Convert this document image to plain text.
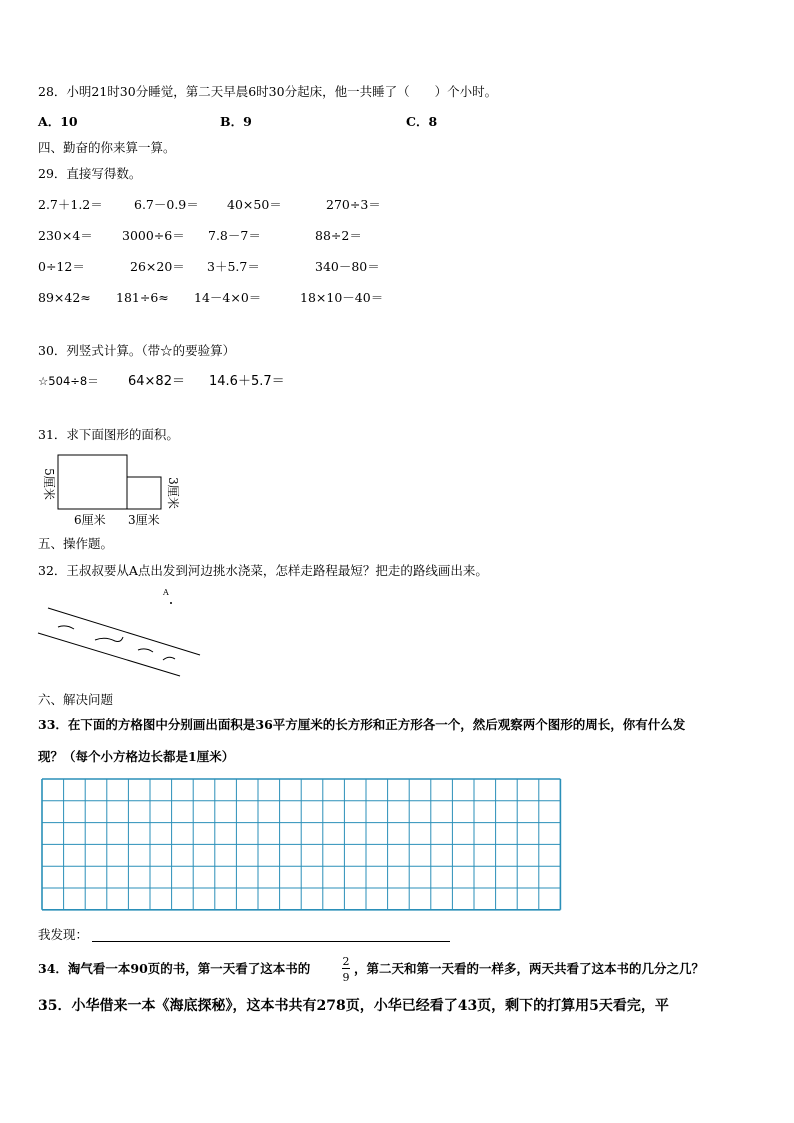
28．小明21时30分睡觉，第二天早晨6时30分起床，他一共睡了（　　）个小时。
A．10	B．9	C．8
四、勤奋的你来算一算。
29．直接写得数。
2.7＋1.2＝ 6.7－0.9＝ 40×50＝	270÷3＝
230×4＝ 3000÷6＝ 7.8－7＝	88÷2＝
0÷12＝	26×20＝ 3＋5.7＝	340－80＝
89×42≈ 181÷6≈ 14－4×0＝	18×10－40＝
30．列竖式计算。（带☆的要验算）
☆504÷8＝ 64×82＝ 14.6＋5.7＝
31．求下面图形的面积。
5厘米
6厘米 3厘米
3厘米
五、操作题。
32．王叔叔要从A点出发到河边挑水浇菜，怎样走路程最短？把走的路线画出来。
A
六、解决问题
33．在下面的方格图中分别画出面积是36平方厘米的长方形和正方形各一个，然后观察两个图形的周长，你有什么发
现？（每个小方格边长都是1厘米）
我发现：
34．淘气看一本90页的书，第一天看了这本书的	2
9
，第二天和第一天看的一样多，两天共看了这本书的几分之几？
35．小华借来一本《海底探秘》，这本书共有278页，小华已经看了43页，剩下的打算用5天看完，平
